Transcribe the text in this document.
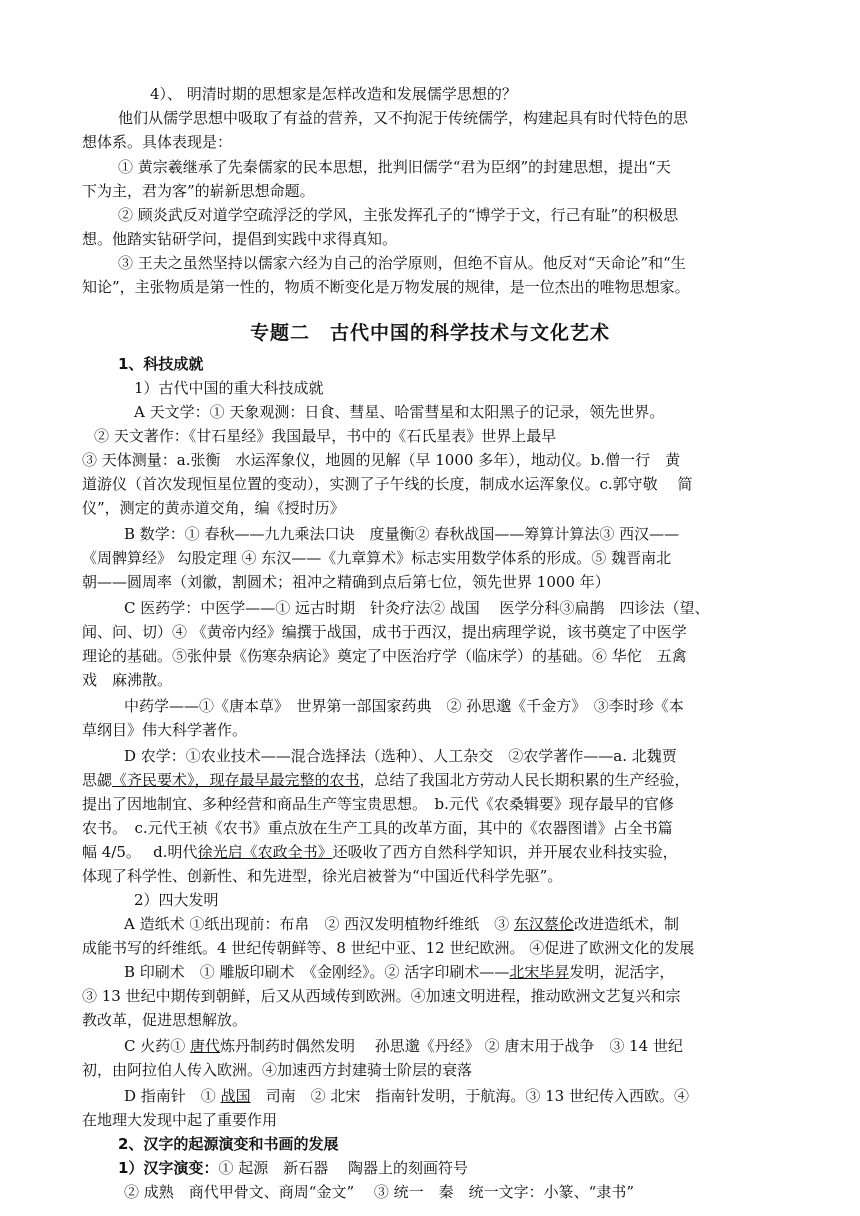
4）、 明清时期的思想家是怎样改造和发展儒学思想的？
他们从儒学思想中吸取了有益的营养，又不拘泥于传统儒学，构建起具有时代特色的思
想体系。具体表现是：
① 黄宗羲继承了先秦儒家的民本思想，批判旧儒学“君为臣纲”的封建思想，提出“天
下为主，君为客”的崭新思想命题。
② 顾炎武反对道学空疏浮泛的学风，主张发挥孔子的“博学于文，行己有耻”的积极思
想。他踏实钻研学问，提倡到实践中求得真知。
③ 王夫之虽然坚持以儒家六经为自己的治学原则，但绝不盲从。他反对“天命论”和“生
知论”，主张物质是第一性的，物质不断变化是万物发展的规律，是一位杰出的唯物思想家。
专题二　古代中国的科学技术与文化艺术
1、科技成就
1）古代中国的重大科技成就
A 天文学：① 天象观测：日食、彗星、哈雷彗星和太阳黑子的记录，领先世界。
② 天文著作：《甘石星经》我国最早，书中的《石氏星表》世界上最早
③ 天体测量：a.张衡　水运浑象仪，地圆的见解（早 1000 多年），地动仪。b.僧一行　黄
道游仪（首次发现恒星位置的变动），实测了子午线的长度，制成水运浑象仪。c.郭守敬　 简
仪”，测定的黄赤道交角，编《授时历》
B 数学：① 春秋——九九乘法口诀　度量衡② 春秋战国——筹算计算法③ 西汉——
《周髀算经》 勾股定理 ④ 东汉——《九章算术》标志实用数学体系的形成。⑤ 魏晋南北
朝——圆周率（刘徽，割圆术；祖冲之精确到点后第七位，领先世界 1000 年）
C 医药学：中医学——① 远古时期　针灸疗法② 战国　 医学分科③扁鹊　四诊法（望、
闻、问、切）④ 《黄帝内经》编撰于战国，成书于西汉，提出病理学说，该书奠定了中医学
理论的基础。⑤张仲景《伤寒杂病论》奠定了中医治疗学（临床学）的基础。⑥ 华佗　五禽
戏　麻沸散。
中药学——①《唐本草》　世界第一部国家药典　② 孙思邈《千金方》　③李时珍《本
草纲目》伟大科学著作。
D 农学：①农业技术——混合选择法（选种）、人工杂交　②农学著作——a. 北魏贾
思勰《齐民要术》，现存最早最完整的农书，总结了我国北方劳动人民长期积累的生产经验，
提出了因地制宜、多种经营和商品生产等宝贵思想。　b.元代《农桑辑要》现存最早的官修
农书。　c.元代王祯《农书》重点放在生产工具的改革方面，其中的《农器图谱》占全书篇
幅 4/5。　 d.明代徐光启《农政全书》还吸收了西方自然科学知识，并开展农业科技实验，
体现了科学性、创新性、和先进型，徐光启被誉为“中国近代科学先驱”。
2）四大发明
A 造纸术 ①纸出现前：布帛　② 西汉发明植物纤维纸　③ 东汉蔡伦改进造纸术，制
成能书写的纤维纸。4 世纪传朝鲜等、8 世纪中亚、12 世纪欧洲。 ④促进了欧洲文化的发展
B 印刷术　① 雕版印刷术　《金刚经》。② 活字印刷术——北宋毕昇发明，泥活字，
③ 13 世纪中期传到朝鲜，后又从西域传到欧洲。④加速文明进程，推动欧洲文艺复兴和宗
教改革，促进思想解放。
C 火药① 唐代炼丹制药时偶然发明　 孙思邈《丹经》 ② 唐末用于战争　③ 14 世纪
初，由阿拉伯人传入欧洲。④加速西方封建骑士阶层的衰落
D 指南针　① 战国　司南　② 北宋　指南针发明，于航海。③ 13 世纪传入西欧。④
在地理大发现中起了重要作用
2、汉字的起源演变和书画的发展
1）汉字演变：① 起源　新石器　 陶器上的刻画符号
② 成熟　商代甲骨文、商周“金文”　 ③ 统一　秦　统一文字：小篆、“隶书”
